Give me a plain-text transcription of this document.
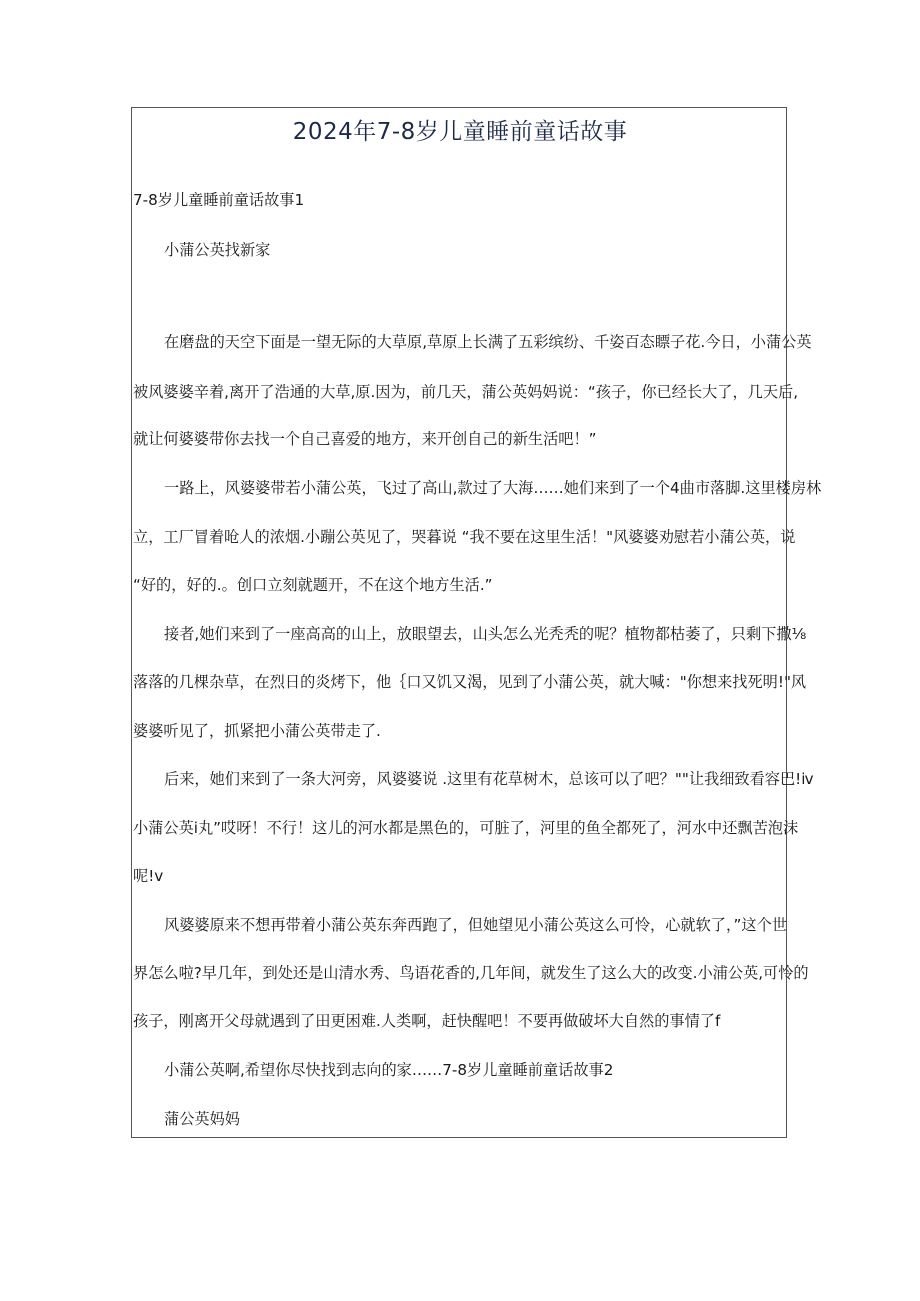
2024年7-8岁儿童睡前童话故事
7-8岁儿童睡前童话故事1
小蒲公英找新家
在磨盘的天空下面是一望无际的大草原,草原上长满了五彩缤纷、千姿百态瞟子花.今日，小蒲公英
被风婆婆辛着,离开了浩通的大草,原.因为，前几天，蒲公英妈妈说：“孩子，你已经长大了，几天后,
就让何婆婆带你去找一个自己喜爱的地方，来开创自己的新生活吧！”
一路上，风婆婆带若小蒲公英，飞过了高山,款过了大海……她们来到了一个4曲市落脚.这里楼房林
立，工厂冒着呛人的浓烟.小蹦公英见了，哭暮说 “我不要在这里生活！"风婆婆劝慰若小蒲公英，说
“好的，好的.。创口立刻就题开，不在这个地方生活.”
接者,她们来到了一座高高的山上，放眼望去，山头怎么光秃秃的呢？植物都枯萎了，只剩下撒⅛
落落的几棵杂草，在烈日的炎烤下，他｛口又饥又渴，见到了小蒲公英，就大喊："你想来找死明!"风
婆婆听见了，抓紧把小蒲公英带走了.
后来，她们来到了一条大河旁，风婆婆说 .这里有花草树木，总该可以了吧？""让我细致看容巴!ⅳ
小蒲公英i丸”哎呀！不行！这儿的河水都是黑色的，可脏了，河里的鱼全都死了，河水中还飘苦泡沫
呢!ⅴ
风婆婆原来不想再带着小蒲公英东奔西跑了，但她望见小蒲公英这么可怜，心就软了，”这个世
界怎么啦?早几年，到处还是山清水秀、鸟语花香的,几年间，就发生了这么大的改变.小浦公英,可怜的
孩子，刚离开父母就遇到了田更困难.人类啊，赶快醒吧！不要再做破坏大自然的事情了f
小蒲公英啊,希望你尽快找到志向的家……7-8岁儿童睡前童话故事2
蒲公英妈妈
